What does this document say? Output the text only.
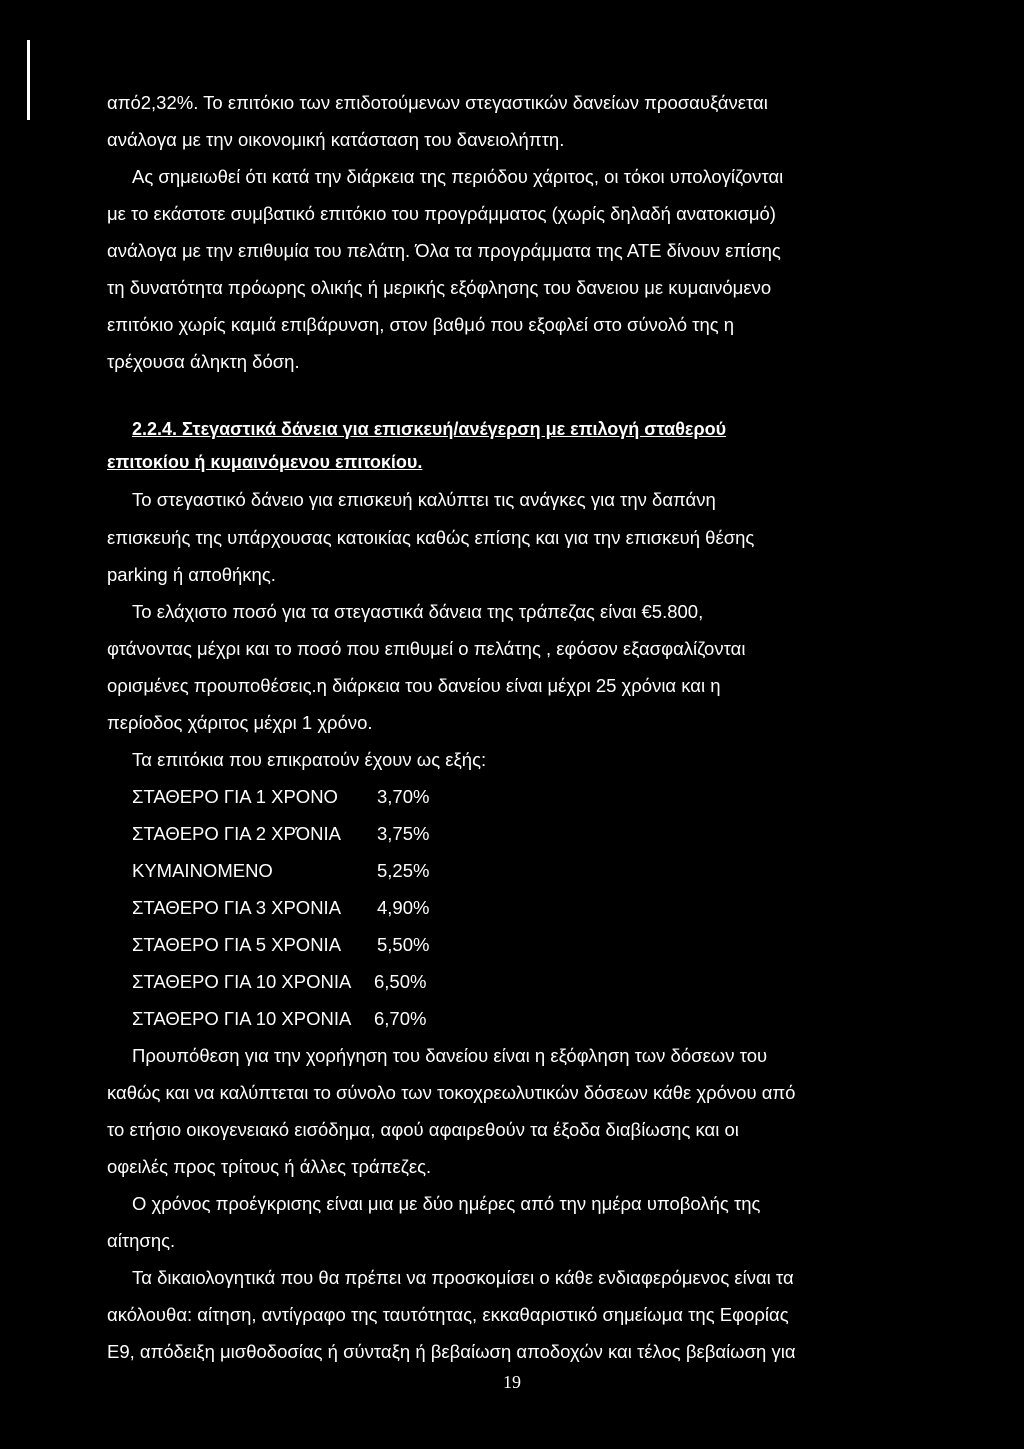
από2,32%. Το επιτόκιο των επιδοτούμενων στεγαστικών δανείων προσαυξάνεται
ανάλογα με την οικονομική κατάσταση του δανειολήπτη.
Ας σημειωθεί ότι κατά την διάρκεια της περιόδου χάριτος, οι τόκοι υπολογίζονται
με το εκάστοτε συμβατικό επιτόκιο του προγράμματος (χωρίς δηλαδή ανατοκισμό)
ανάλογα με την επιθυμία του πελάτη. Όλα τα προγράμματα της ΑΤΕ δίνουν επίσης
τη δυνατότητα πρόωρης ολικής ή μερικής εξόφλησης του δανειου με κυμαινόμενο
επιτόκιο χωρίς καμιά επιβάρυνση, στον βαθμό που εξοφλεί στο σύνολό της η
τρέχουσα άληκτη δόση.
2.2.4. Στεγαστικά δάνεια για επισκευή/ανέγερση με επιλογή σταθερού
επιτοκίου ή κυμαινόμενου επιτοκίου.
Το στεγαστικό δάνειο για επισκευή καλύπτει τις ανάγκες για την δαπάνη
επισκευής της υπάρχουσας κατοικίας καθώς επίσης και για την επισκευή θέσης
parking ή αποθήκης.
Το ελάχιστο ποσό για τα στεγαστικά δάνεια της τράπεζας είναι €5.800,
φτάνοντας μέχρι και το ποσό που επιθυμεί ο πελάτης , εφόσον εξασφαλίζονται
ορισμένες προυποθέσεις.η διάρκεια του δανείου είναι μέχρι 25 χρόνια και η
περίοδος χάριτος μέχρι 1 χρόνο.
Τα επιτόκια που επικρατούν έχουν ως εξής:
ΣΤΑΘΕΡΟ ΓΙΑ 1 ΧΡΟΝΟ 3,70%
ΣΤΑΘΕΡΟ ΓΙΑ 2 ΧΡΌΝΙΑ 3,75%
ΚΥΜΑΙΝΟΜΕΝΟ	5,25%
ΣΤΑΘΕΡΟ ΓΙΑ 3 ΧΡΟΝΙΑ 4,90%
ΣΤΑΘΕΡΟ ΓΙΑ 5 ΧΡΟΝΙΑ 5,50%
ΣΤΑΘΕΡΟ ΓΙΑ 10 ΧΡΟΝΙΑ 6,50%
ΣΤΑΘΕΡΟ ΓΙΑ 10 ΧΡΟΝΙΑ 6,70%
Προυπόθεση για την χορήγηση του δανείου είναι η εξόφληση των δόσεων του
καθώς και να καλύπτεται το σύνολο των τοκοχρεωλυτικών δόσεων κάθε χρόνου από
το ετήσιο οικογενειακό εισόδημα, αφού αφαιρεθούν τα έξοδα διαβίωσης και οι
οφειλές προς τρίτους ή άλλες τράπεζες.
Ο χρόνος προέγκρισης είναι μια με δύο ημέρες από την ημέρα υποβολής της
αίτησης.
Τα δικαιολογητικά που θα πρέπει να προσκομίσει ο κάθε ενδιαφερόμενος είναι τα
ακόλουθα: αίτηση, αντίγραφο της ταυτότητας, εκκαθαριστικό σημείωμα της Εφορίας
Ε9, απόδειξη μισθοδοσίας ή σύνταξη ή βεβαίωση αποδοχών και τέλος βεβαίωση για
19
